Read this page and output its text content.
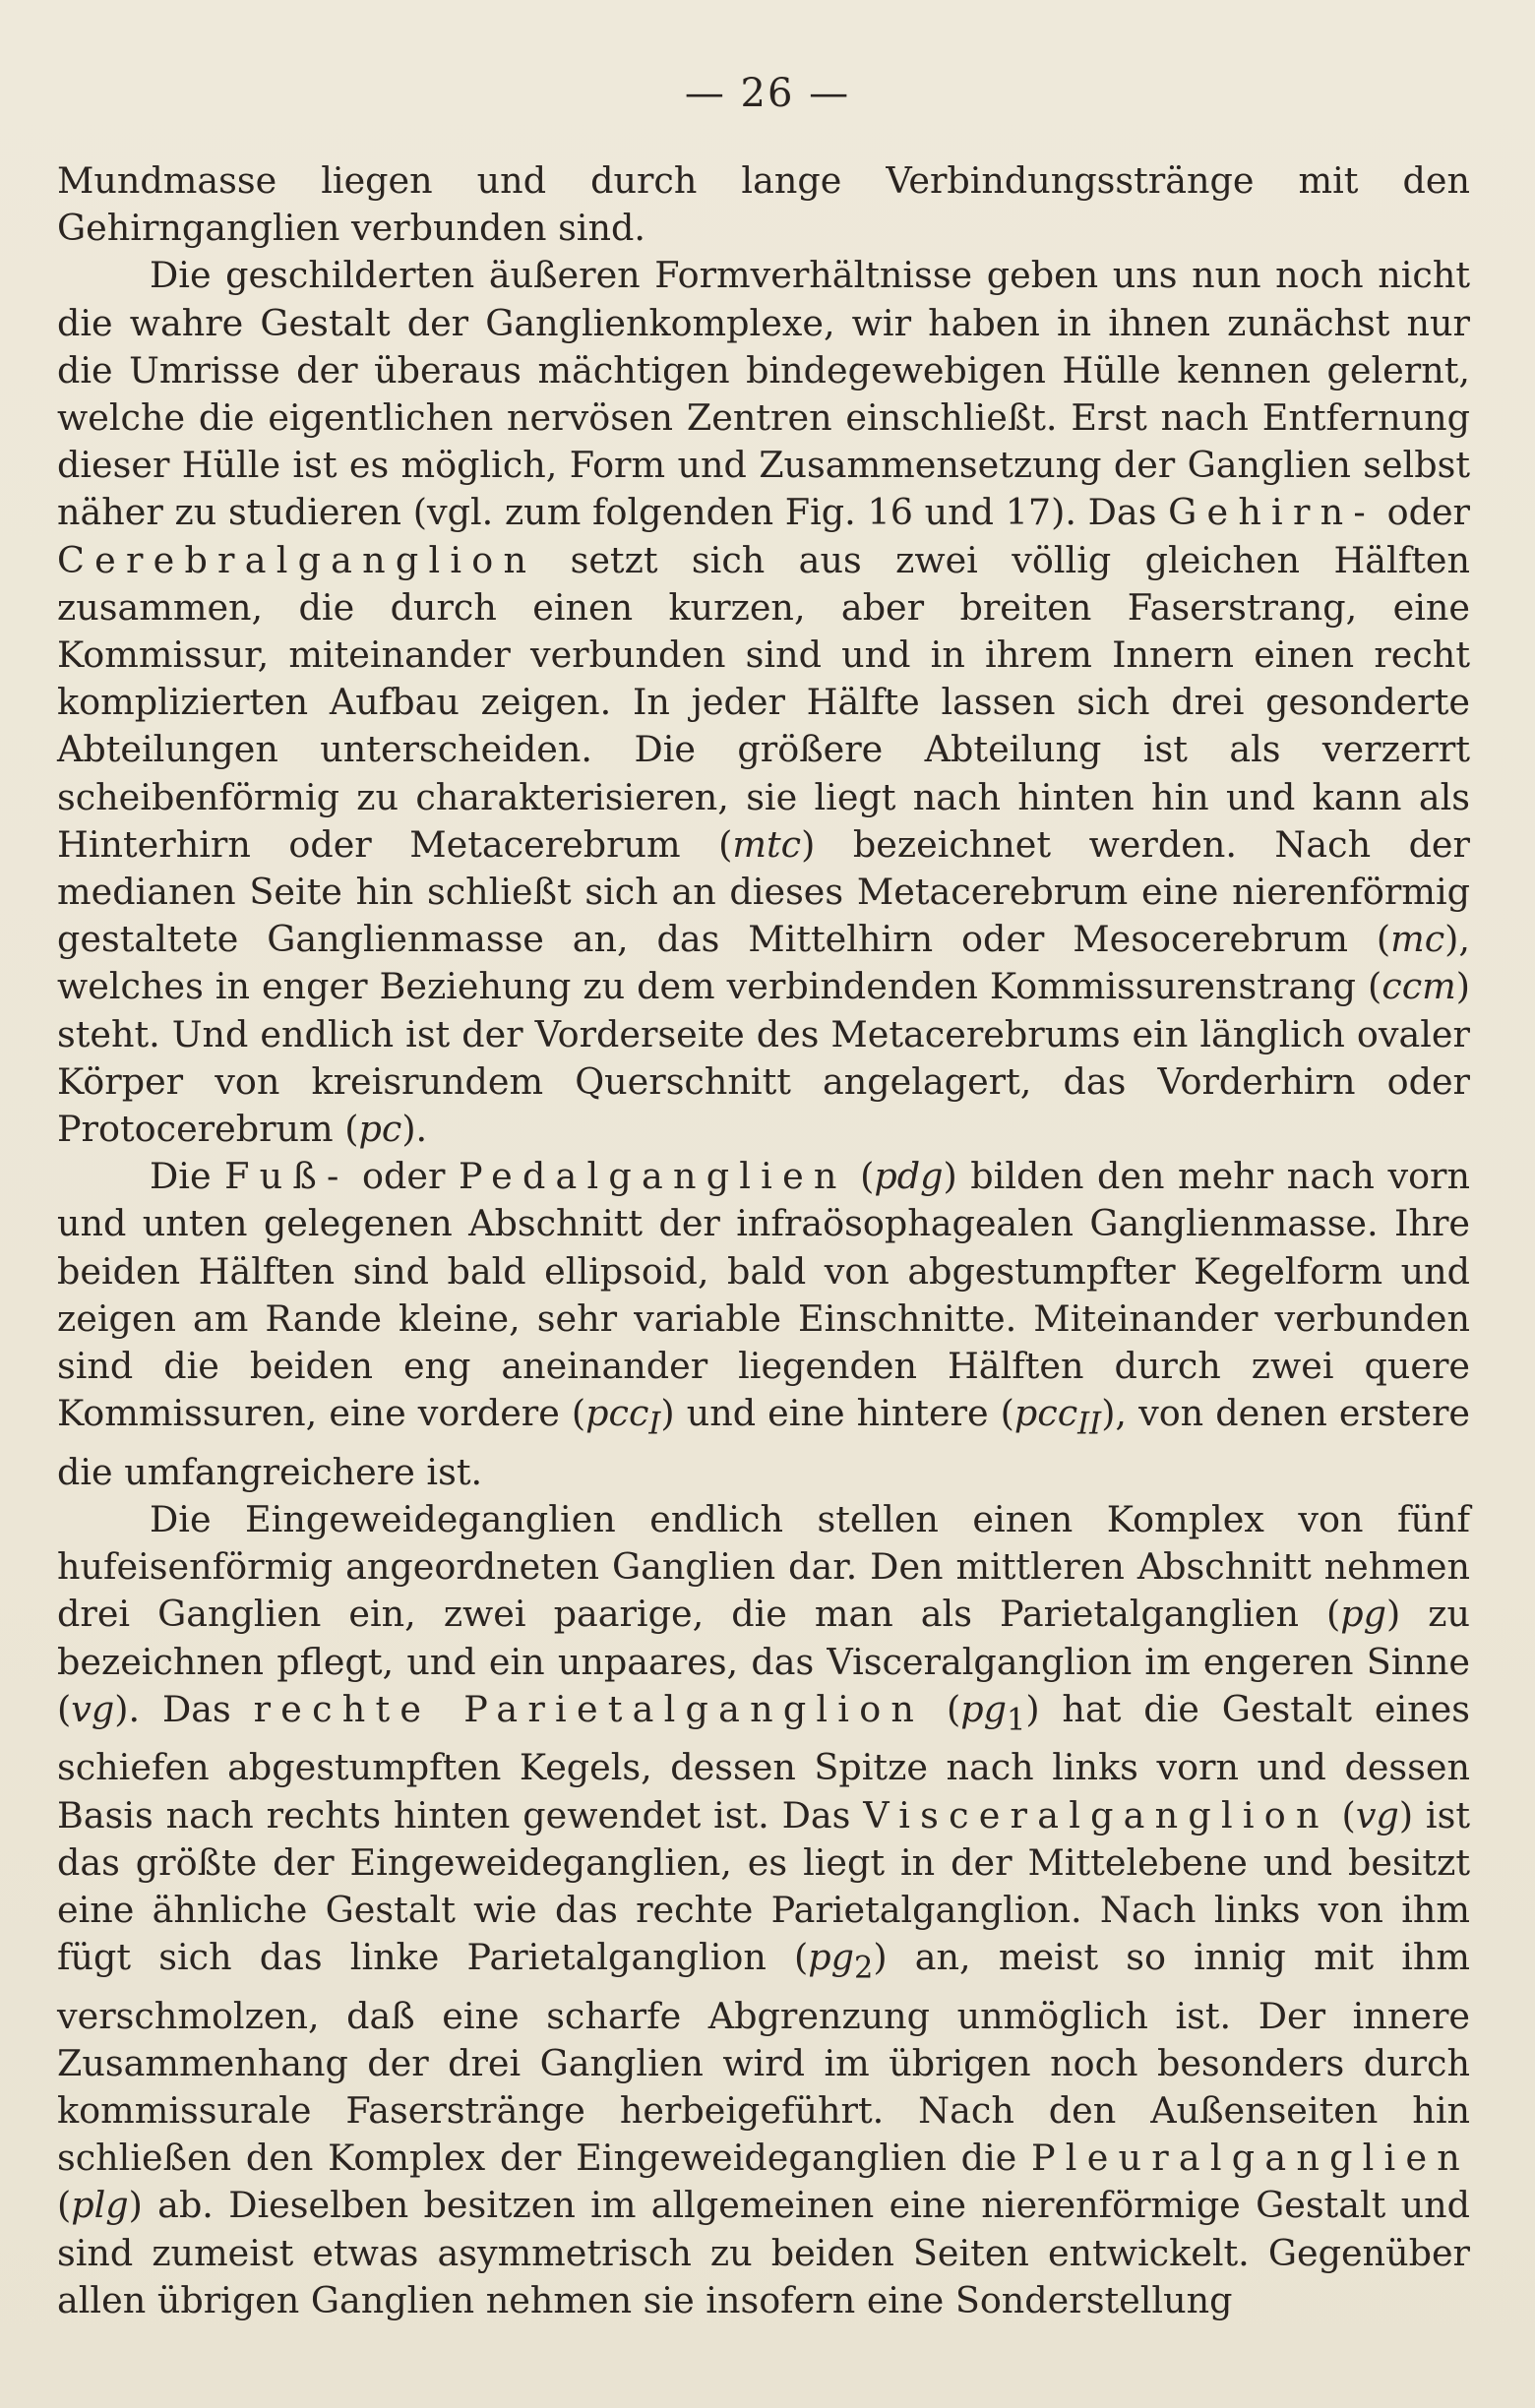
— 26 —

Mundmasse liegen und durch lange Verbindungsstränge mit den Gehirnganglien verbunden sind.

Die geschilderten äußeren Formverhältnisse geben uns nun noch nicht die wahre Gestalt der Ganglienkomplexe, wir haben in ihnen zunächst nur die Umrisse der überaus mächtigen bindegewebigen Hülle kennen gelernt, welche die eigentlichen nervösen Zentren einschließt. Erst nach Entfernung dieser Hülle ist es möglich, Form und Zusammensetzung der Ganglien selbst näher zu studieren (vgl. zum folgenden Fig. 16 und 17). Das Gehirn- oder Cerebralganglion setzt sich aus zwei völlig gleichen Hälften zusammen, die durch einen kurzen, aber breiten Faserstrang, eine Kommissur, miteinander verbunden sind und in ihrem Innern einen recht komplizierten Aufbau zeigen. In jeder Hälfte lassen sich drei gesonderte Abteilungen unterscheiden. Die größere Abteilung ist als verzerrt scheibenförmig zu charakterisieren, sie liegt nach hinten hin und kann als Hinterhirn oder Metacerebrum (mtc) bezeichnet werden. Nach der medianen Seite hin schließt sich an dieses Metacerebrum eine nierenförmig gestaltete Ganglienmasse an, das Mittelhirn oder Mesocerebrum (mc), welches in enger Beziehung zu dem verbindenden Kommissurenstrang (ccm) steht. Und endlich ist der Vorderseite des Metacerebrums ein länglich ovaler Körper von kreisrundem Querschnitt angelagert, das Vorderhirn oder Protocerebrum (pc).

Die Fuß- oder Pedalganglien (pdg) bilden den mehr nach vorn und unten gelegenen Abschnitt der infraösophagealen Ganglienmasse. Ihre beiden Hälften sind bald ellipsoid, bald von abgestumpfter Kegelform und zeigen am Rande kleine, sehr variable Einschnitte. Miteinander verbunden sind die beiden eng aneinander liegenden Hälften durch zwei quere Kommissuren, eine vordere (pcc$_I$) und eine hintere (pcc$_{II}$), von denen erstere die umfangreichere ist.

Die Eingeweideganglien endlich stellen einen Komplex von fünf hufeisenförmig angeordneten Ganglien dar. Den mittleren Abschnitt nehmen drei Ganglien ein, zwei paarige, die man als Parietalganglien (pg) zu bezeichnen pflegt, und ein unpaares, das Visceralganglion im engeren Sinne (vg). Das rechte Parietalganglion $(pg_1)$ hat die Gestalt eines schiefen abgestumpften Kegels, dessen Spitze nach links vorn und dessen Basis nach rechts hinten gewendet ist. Das Visceralganglion (vg) ist das größte der Eingeweideganglien, es liegt in der Mittelebene und besitzt eine ähnliche Gestalt wie das rechte Parietalganglion. Nach links von ihm fügt sich das linke Parietalganglion $(pg_2)$ an, meist so innig mit ihm verschmolzen, daß eine scharfe Abgrenzung unmöglich ist. Der innere Zusammenhang der drei Ganglien wird im übrigen noch besonders durch kommissurale Faserstränge herbeigeführt. Nach den Außenseiten hin schließen den Komplex der Eingeweideganglien die Pleuralganglien (plg) ab. Dieselben besitzen im allgemeinen eine nierenförmige Gestalt und sind zumeist etwas asymmetrisch zu beiden Seiten entwickelt. Gegenüber allen übrigen Ganglien nehmen sie insofern eine Sonderstellung
